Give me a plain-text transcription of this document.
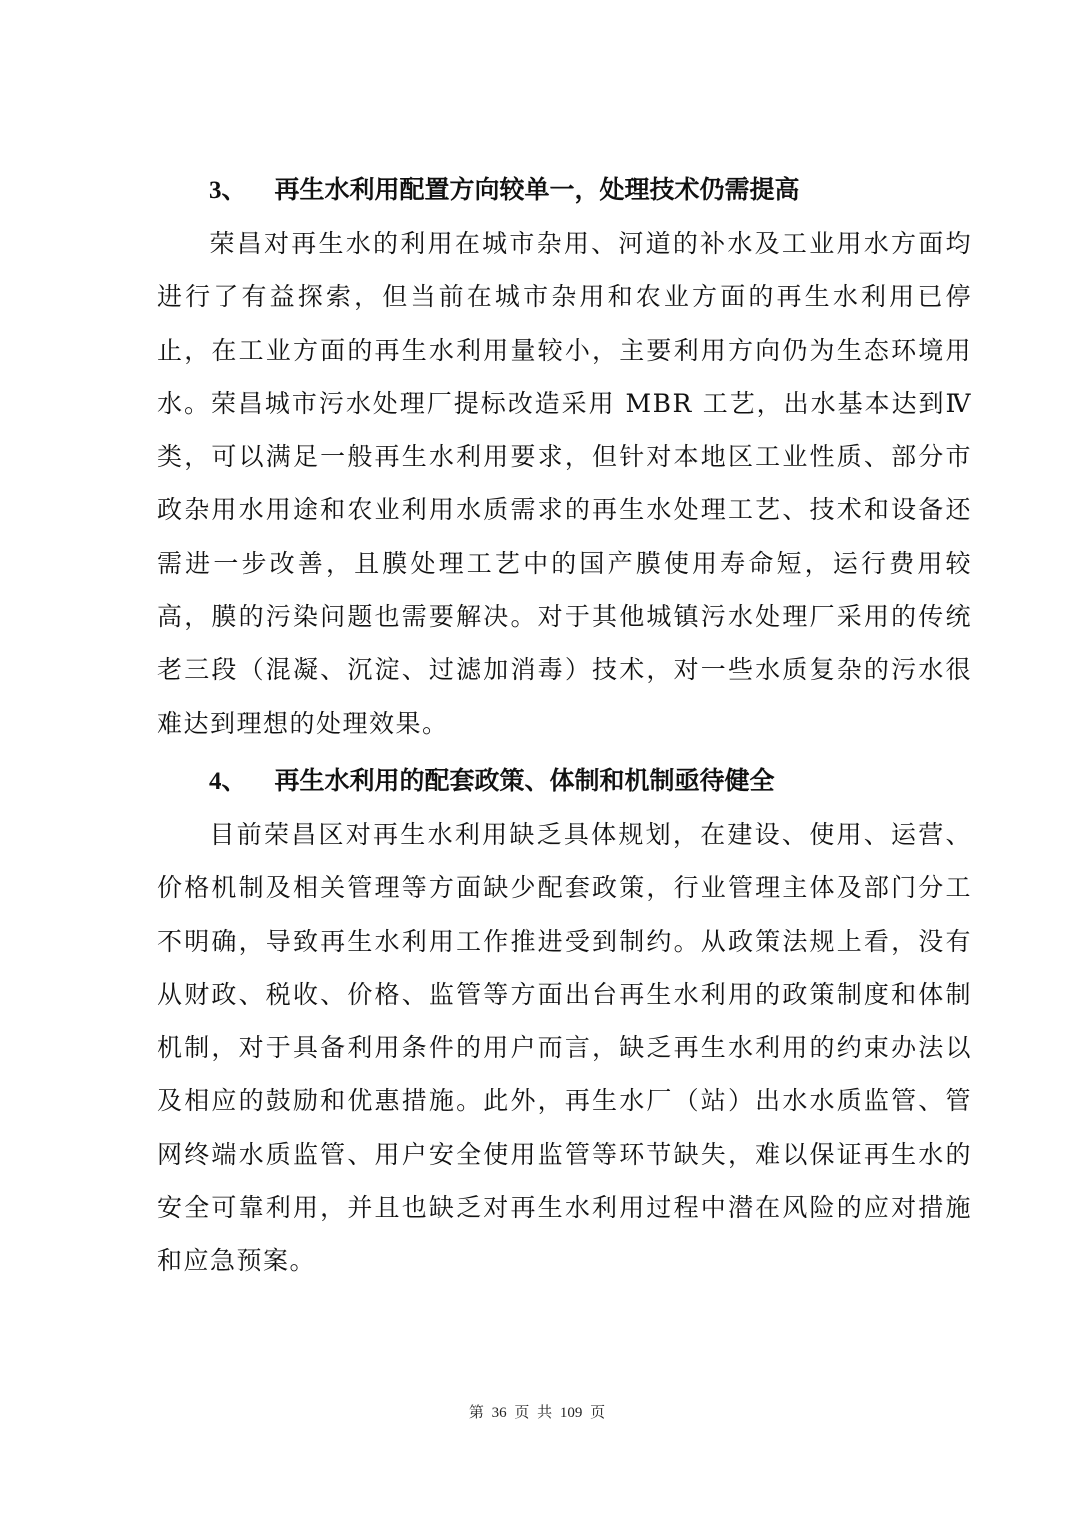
3、 再生水利用配置方向较单一，处理技术仍需提高

荣昌对再生水的利用在城市杂用、河道的补水及工业用水方面均进行了有益探索，但当前在城市杂用和农业方面的再生水利用已停止，在工业方面的再生水利用量较小，主要利用方向仍为生态环境用水。荣昌城市污水处理厂提标改造采用 MBR 工艺，出水基本达到Ⅳ类，可以满足一般再生水利用要求，但针对本地区工业性质、部分市政杂用水用途和农业利用水质需求的再生水处理工艺、技术和设备还需进一步改善，且膜处理工艺中的国产膜使用寿命短，运行费用较高，膜的污染问题也需要解决。对于其他城镇污水处理厂采用的传统老三段（混凝、沉淀、过滤加消毒）技术，对一些水质复杂的污水很难达到理想的处理效果。

4、 再生水利用的配套政策、体制和机制亟待健全

目前荣昌区对再生水利用缺乏具体规划，在建设、使用、运营、价格机制及相关管理等方面缺少配套政策，行业管理主体及部门分工不明确，导致再生水利用工作推进受到制约。从政策法规上看，没有从财政、税收、价格、监管等方面出台再生水利用的政策制度和体制机制，对于具备利用条件的用户而言，缺乏再生水利用的约束办法以及相应的鼓励和优惠措施。此外，再生水厂（站）出水水质监管、管网终端水质监管、用户安全使用监管等环节缺失，难以保证再生水的安全可靠利用，并且也缺乏对再生水利用过程中潜在风险的应对措施和应急预案。

第 36 页 共 109 页
